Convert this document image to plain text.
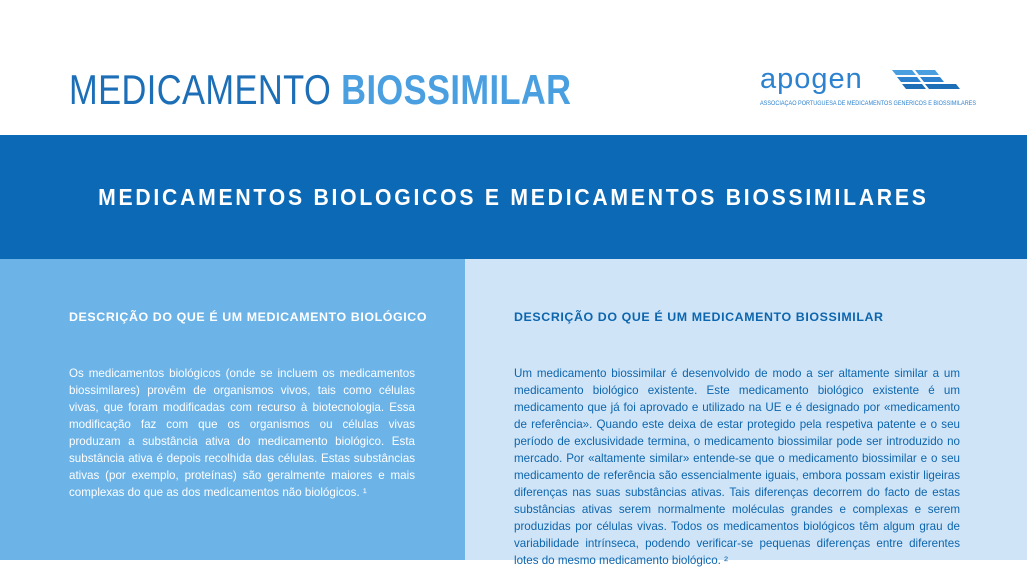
MEDICAMENTO BIOSSIMILAR	apogen
ASSOCIAÇÃO PORTUGUESA DE MEDICAMENTOS GENÉRICOS E BIOSSIMILARES
MEDICAMENTOS BIOLOGICOS E MEDICAMENTOS BIOSSIMILARES
DESCRIÇÃO DO QUE É UM MEDICAMENTO BIOLÓGICO

Os medicamentos biológicos (onde se incluem os medicamentos biossimilares) provêm de organismos vivos, tais como células vivas, que foram modificadas com recurso à biotecnologia. Essa modificação faz com que os organismos ou células vivas produzam a substância ativa do medicamento biológico. Esta substância ativa é depois recolhida das células. Estas substâncias ativas (por exemplo, proteínas) são geralmente maiores e mais complexas do que as dos medicamentos não biológicos. ¹

DESCRIÇÃO DO QUE É UM MEDICAMENTO BIOSSIMILAR

Um medicamento biossimilar é desenvolvido de modo a ser altamente similar a um medicamento biológico existente. Este medicamento biológico existente é um medicamento que já foi aprovado e utilizado na UE e é designado por «medicamento de referência». Quando este deixa de estar protegido pela respetiva patente e o seu período de exclusividade termina, o medicamento biossimilar pode ser introduzido no mercado. Por «altamente similar» entende-se que o medicamento biossimilar e o seu medicamento de referência são essencialmente iguais, embora possam existir ligeiras diferenças nas suas substâncias ativas. Tais diferenças decorrem do facto de estas substâncias ativas serem normalmente moléculas grandes e complexas e serem produzidas por células vivas. Todos os medicamentos biológicos têm algum grau de variabilidade intrínseca, podendo verificar-se pequenas diferenças entre diferentes lotes do mesmo medicamento biológico. ²
